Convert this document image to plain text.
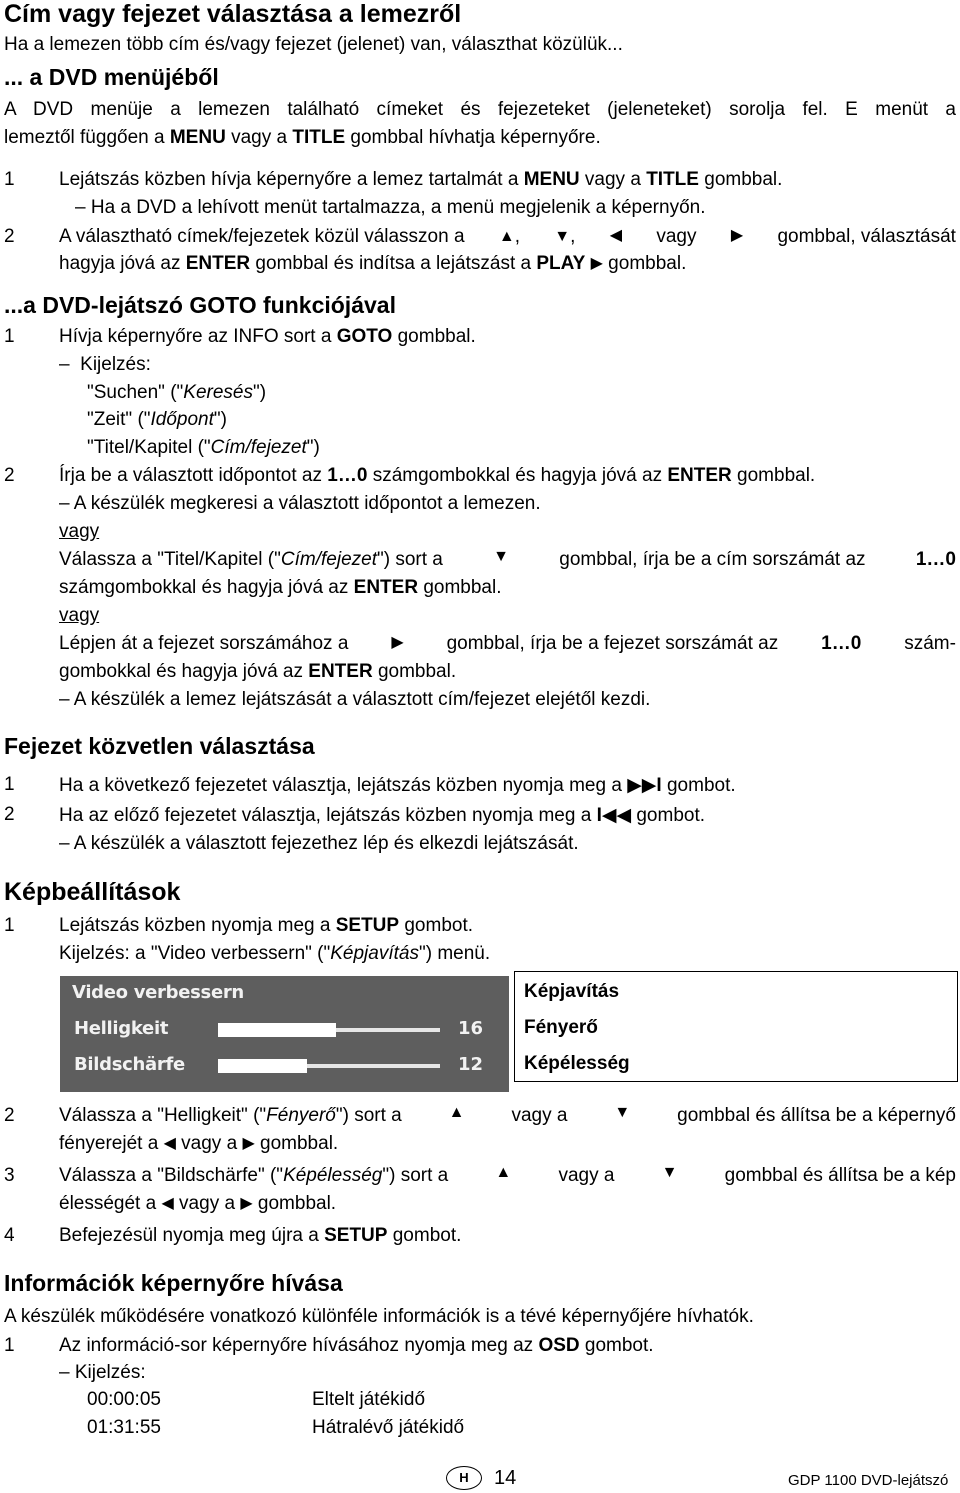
Cím vagy fejezet választása a lemezről
Ha a lemezen több cím és/vagy fejezet (jelenet) van, választhat közülük...
... a DVD menüjéből
A DVD menüje a lemezen található címeket és fejezeteket (jeleneteket) sorolja fel. E menüt a
lemeztől függően a MENU vagy a TITLE gombbal hívhatja képernyőre.
1 Lejátszás közben hívja képernyőre a lemez tartalmát a MENU vagy a TITLE gombbal.
– Ha a DVD a lehívott menüt tartalmazza, a menü megjelenik a képernyőn.
2 A választható címek/fejezetek közül válasszon a ▲, ▼, ◀ vagy ▶ gombbal, választását
hagyja jóvá az ENTER gombbal és indítsa a lejátszást a PLAY ▶ gombbal.
...a DVD-lejátszó GOTO funkciójával
1 Hívja képernyőre az INFO sort a GOTO gombbal.
– Kijelzés:
"Suchen" ("Keresés")
"Zeit" ("Időpont")
"Titel/Kapitel ("Cím/fejezet")
2 Írja be a választott időpontot az 1…0 számgombokkal és hagyja jóvá az ENTER gombbal.
– A készülék megkeresi a választott időpontot a lemezen.
vagy
Válassza a "Titel/Kapitel ("Cím/fejezet") sort a	▼	gombbal, írja be a cím sorszámát az	1…0
számgombokkal és hagyja jóvá az ENTER gombbal.
vagy
Lépjen át a fejezet sorszámához a	▶ gombbal, írja be a fejezet sorszámát az 1…0 szám-
gombokkal és hagyja jóvá az ENTER gombbal.
– A készülék a lemez lejátszását a választott cím/fejezet elejétől kezdi.
Fejezet közvetlen választása
1 Ha a következő fejezetet választja, lejátszás közben nyomja meg a ▶▶I gombot.
2 Ha az előző fejezetet választja, lejátszás közben nyomja meg a I◀◀ gombot.
– A készülék a választott fejezethez lép és elkezdi lejátszását.
Képbeállítások
1 Lejátszás közben nyomja meg a SETUP gombot.
Kijelzés: a "Video verbessern" ("Képjavítás") menü.
Video verbessern
Helligkeit	16
Bildschärfe	12
Képjavítás
Fényerő
Képélesség
2 Válassza a "Helligkeit" ("Fényerő") sort a	▲ vagy a	▼ gombbal és állítsa be a képernyő
fényerejét a ◀ vagy a ▶ gombbal.
3 Válassza a "Bildschärfe" ("Képélesség") sort a	▲ vagy a	▼ gombbal és állítsa be a kép
élességét a ◀ vagy a ▶ gombbal.
4 Befejezésül nyomja meg újra a SETUP gombot.
Információk képernyőre hívása
A készülék működésére vonatkozó különféle információk is a tévé képernyőjére hívhatók.
1 Az információ-sor képernyőre hívásához nyomja meg az OSD gombot.
– Kijelzés:
00:00:05	Eltelt játékidő
01:31:55	Hátralévő játékidő
H	14	GDP 1100 DVD-lejátszó
